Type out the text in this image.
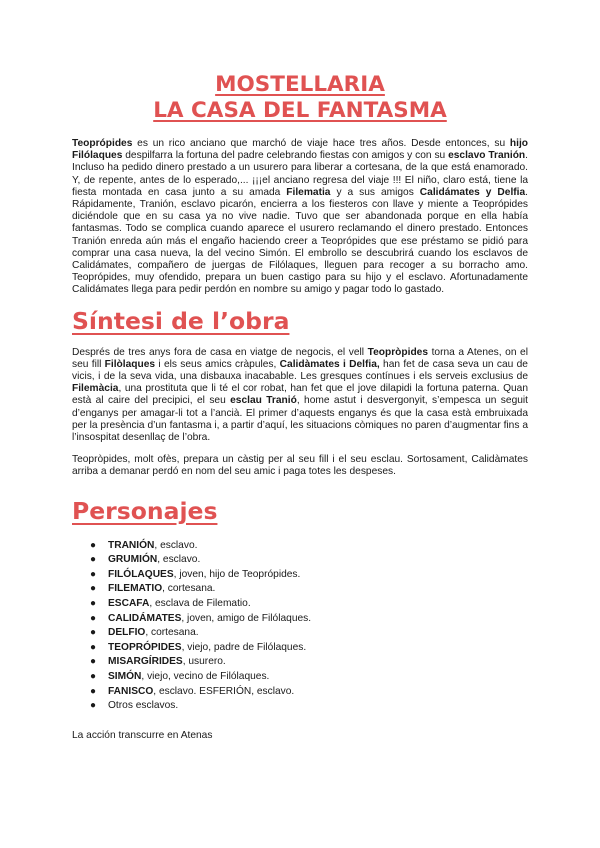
MOSTELLARIA
LA CASA DEL FANTASMA

Teoprópides es un rico anciano que marchó de viaje hace tres años. Desde entonces, su hijo Filólaques despilfarra la fortuna del padre celebrando fiestas con amigos y con su esclavo Tranión. Incluso ha pedido dinero prestado a un usurero para liberar a cortesana, de la que está enamorado. Y, de repente, antes de lo esperado,... ¡¡¡el anciano regresa del viaje !!! El niño, claro está, tiene la fiesta montada en casa junto a su amada Filematia y a sus amigos Calidámates y Delfia. Rápidamente, Tranión, esclavo picarón, encierra a los fiesteros con llave y miente a Teoprópides diciéndole que en su casa ya no vive nadie. Tuvo que ser abandonada porque en ella había fantasmas. Todo se complica cuando aparece el usurero reclamando el dinero prestado. Entonces Tranión enreda aún más el engaño haciendo creer a Teoprópides que ese préstamo se pidió para comprar una casa nueva, la del vecino Simón. El embrollo se descubrirá cuando los esclavos de Calidámates, compañero de juergas de Filólaques, lleguen para recoger a su borracho amo. Teoprópides, muy ofendido, prepara un buen castigo para su hijo y el esclavo. Afortunadamente Calidámates llega para pedir perdón en nombre su amigo y pagar todo lo gastado.

Síntesi de l’obra

Després de tres anys fora de casa en viatge de negocis, el vell Teopròpides torna a Atenes, on el seu fill Filòlaques i els seus amics cràpules, Calidàmates i Delfia, han fet de casa seva un cau de vicis, i de la seva vida, una disbauxa inacabable. Les gresques contínues i els serveis exclusius de Filemàcia, una prostituta que li té el cor robat, han fet que el jove dilapidi la fortuna paterna. Quan està al caire del precipici, el seu esclau Tranió, home astut i desvergonyit, s’empesca un seguit d’enganys per amagar-li tot a l’ancià. El primer d’aquests enganys és que la casa està embruixada per la presència d’un fantasma i, a partir d’aquí, les situacions còmiques no paren d’augmentar fins a l’insospitat desenllaç de l’obra.

Teopròpides, molt ofès, prepara un càstig per al seu fill i el seu esclau. Sortosament, Calidàmates arriba a demanar perdó en nom del seu amic i paga totes les despeses.

Personajes
● TRANIÓN, esclavo.
● GRUMIÓN, esclavo.
● FILÓLAQUES, joven, hijo de Teoprópides.
● FILEMATIO, cortesana.
● ESCAFA, esclava de Filematio.
● CALIDÁMATES, joven, amigo de Filólaques.
● DELFIO, cortesana.
● TEOPRÓPIDES, viejo, padre de Filólaques.
● MISARGÍRIDES, usurero.
● SIMÓN, viejo, vecino de Filólaques.
● FANISCO, esclavo. ESFERIÓN, esclavo.
● Otros esclavos.

La acción transcurre en Atenas
